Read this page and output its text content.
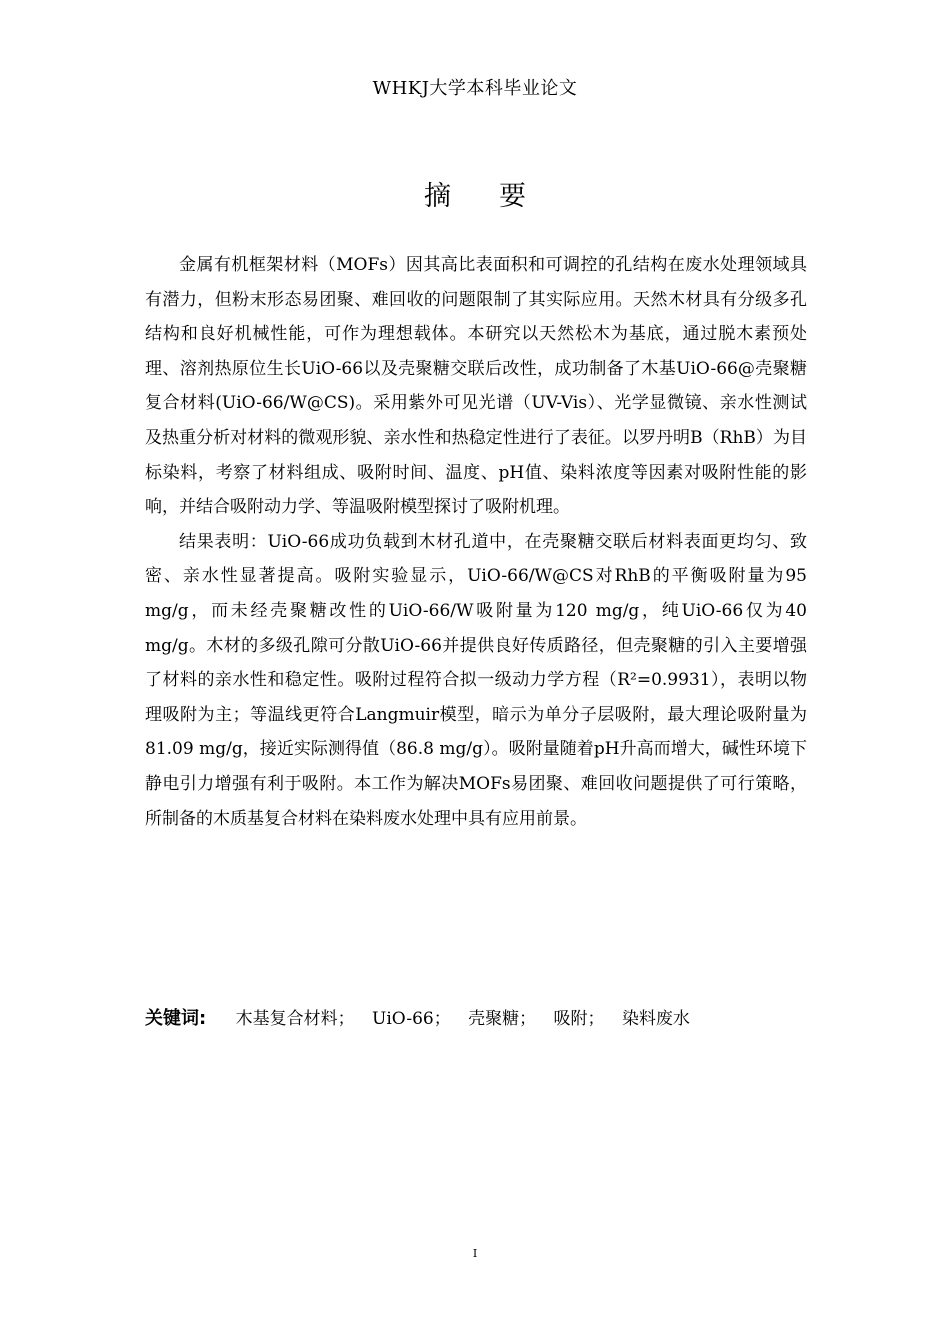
WHKJ大学本科毕业论文
摘要

金属有机框架材料（MOFs）因其高比表面积和可调控的孔结构在废水处理领域具有潜力，但粉末形态易团聚、难回收的问题限制了其实际应用。天然木材具有分级多孔结构和良好机械性能，可作为理想载体。本研究以天然松木为基底，通过脱木素预处理、溶剂热原位生长UiO-66以及壳聚糖交联后改性，成功制备了木基UiO-66@壳聚糖复合材料(UiO-66/W@CS)。采用紫外可见光谱（UV-Vis）、光学显微镜、亲水性测试及热重分析对材料的微观形貌、亲水性和热稳定性进行了表征。以罗丹明B（RhB）为目标染料，考察了材料组成、吸附时间、温度、pH值、染料浓度等因素对吸附性能的影响，并结合吸附动力学、等温吸附模型探讨了吸附机理。

结果表明：UiO-66成功负载到木材孔道中，在壳聚糖交联后材料表面更均匀、致密、亲水性显著提高。吸附实验显示，UiO-66/W@CS对RhB的平衡吸附量为95 mg/g，而未经壳聚糖改性的UiO-66/W吸附量为120 mg/g，纯UiO-66仅为40 mg/g。木材的多级孔隙可分散UiO-66并提供良好传质路径，但壳聚糖的引入主要增强了材料的亲水性和稳定性。吸附过程符合拟一级动力学方程（R²=0.9931），表明以物理吸附为主；等温线更符合Langmuir模型，暗示为单分子层吸附，最大理论吸附量为81.09 mg/g，接近实际测得值（86.8 mg/g）。吸附量随着pH升高而增大，碱性环境下静电引力增强有利于吸附。本工作为解决MOFs易团聚、难回收问题提供了可行策略，所制备的木质基复合材料在染料废水处理中具有应用前景。

关键词: 木基复合材料； UiO-66； 壳聚糖； 吸附； 染料废水
I
